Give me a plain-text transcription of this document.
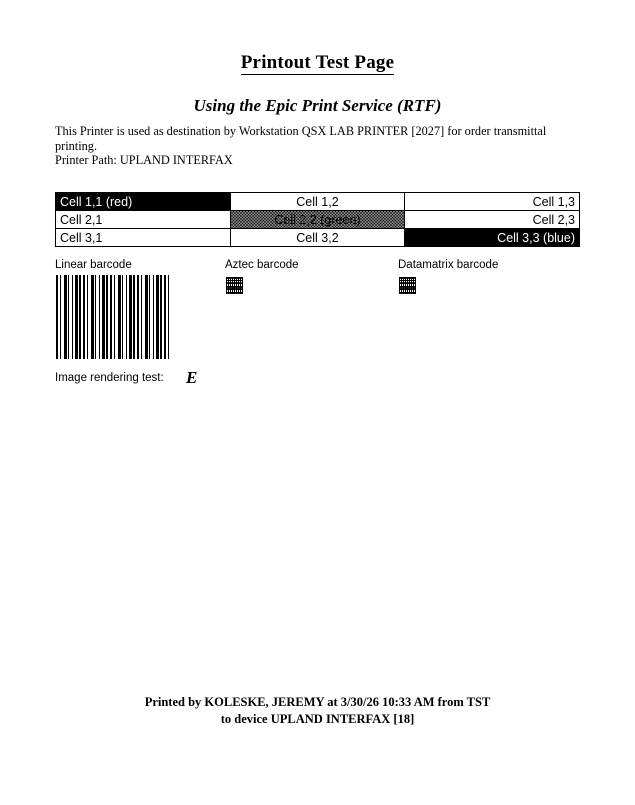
Printout Test Page
Using the Epic Print Service (RTF)
This Printer is used as destination by Workstation QSX LAB PRINTER [2027] for order transmittal printing.
Printer Path: UPLAND INTERFAX
Cell 1,1 (red)	Cell 1,2	Cell 1,3
Cell 2,1	Cell 2,2 (green)	Cell 2,3
Cell 3,1	Cell 3,2	Cell 3,3 (blue)
Linear barcode	Aztec barcode	Datamatrix barcode
Image rendering test: E
Printed by KOLESKE, JEREMY at 3/30/26 10:33 AM from TST
to device UPLAND INTERFAX [18]
